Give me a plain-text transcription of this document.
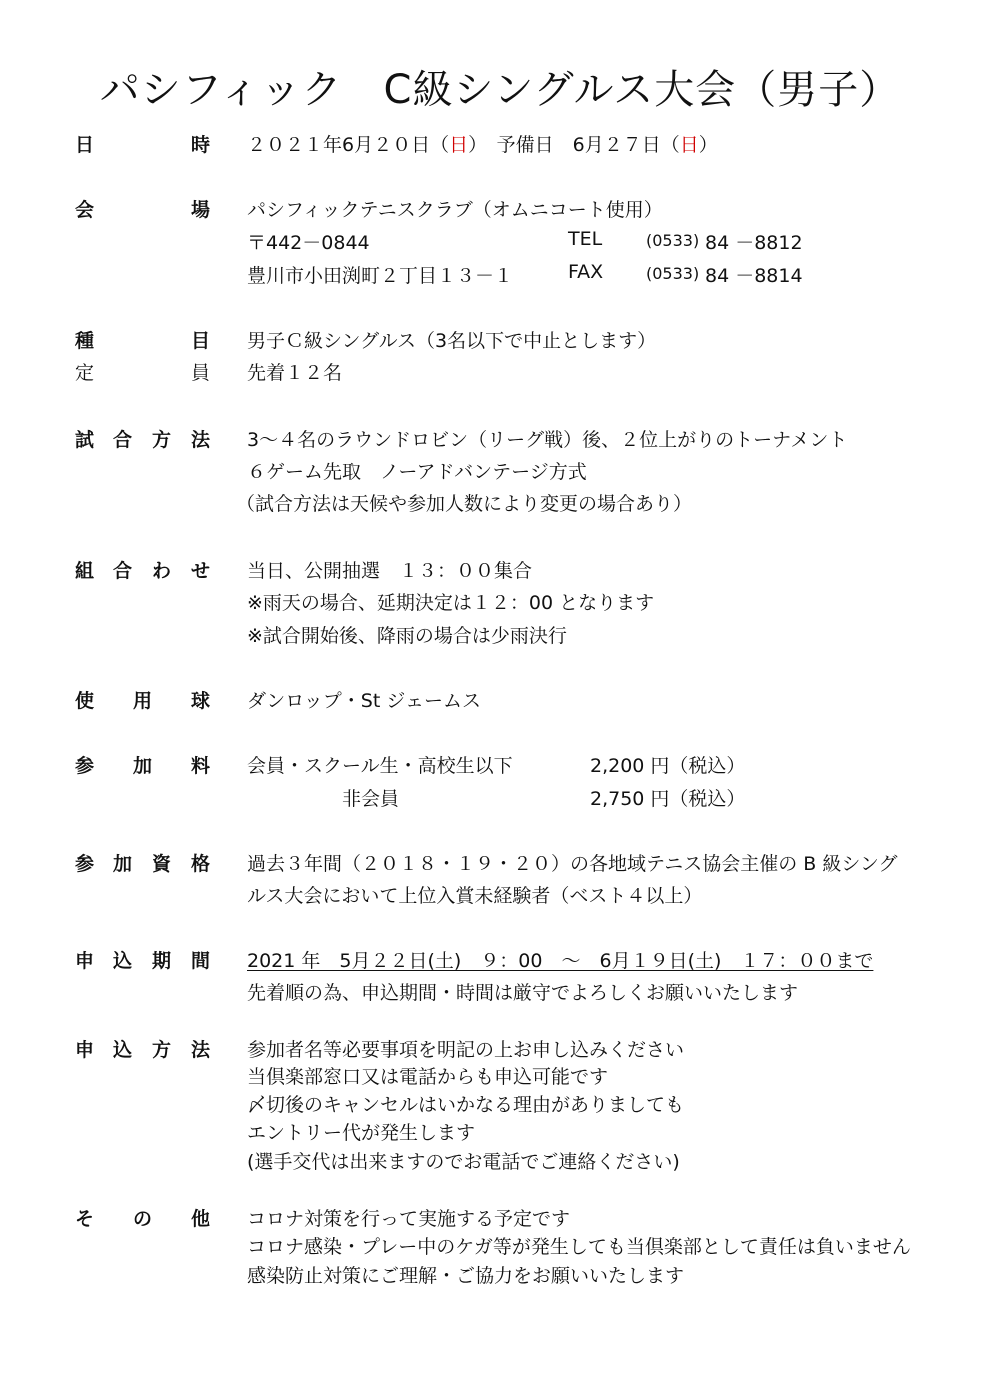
パシフィック　C級シングルス大会（男子）
日	時 ２０２１年6月２０日（日）　予備日　6月２７日（日）
会	場 パシフィックテニスクラブ（オムニコート使用）
〒442－0844	TEL	(0533) 84 －8812
豊川市小田渕町２丁目１３－１	FAX	(0533) 84 －8814
種	目 男子Ｃ級シングルス（3名以下で中止とします）
定	員 先着１２名
試 合 方 法 3～４名のラウンドロビン（リーグ戦）後、２位上がりのトーナメント
６ゲーム先取　ノーアドバンテージ方式
（試合方法は天候や参加人数により変更の場合あり）
組 合 わ せ 当日、公開抽選　１３：００集合
※雨天の場合、延期決定は１２：00 となります
※試合開始後、降雨の場合は少雨決行
使 用 球 ダンロップ・St ジェームス
参 加 料 会員・スクール生・高校生以下	2,200 円（税込）
非会員	2,750 円（税込）
参 加 資 格 過去３年間（２０１８・１９・２０）の各地域テニス協会主催の B 級シング
ルス大会において上位入賞未経験者（ベスト４以上）
申 込 期 間 2021 年　5月２２日(土)　９：00　～　6月１９日(土)　１７：００まで
先着順の為、申込期間・時間は厳守でよろしくお願いいたします
申 込 方 法 参加者名等必要事項を明記の上お申し込みください
当倶楽部窓口又は電話からも申込可能です
〆切後のキャンセルはいかなる理由がありましても
エントリー代が発生します
(選手交代は出来ますのでお電話でご連絡ください)
そ の 他 コロナ対策を行って実施する予定です
コロナ感染・プレー中のケガ等が発生しても当倶楽部として責任は負いません
感染防止対策にご理解・ご協力をお願いいたします
